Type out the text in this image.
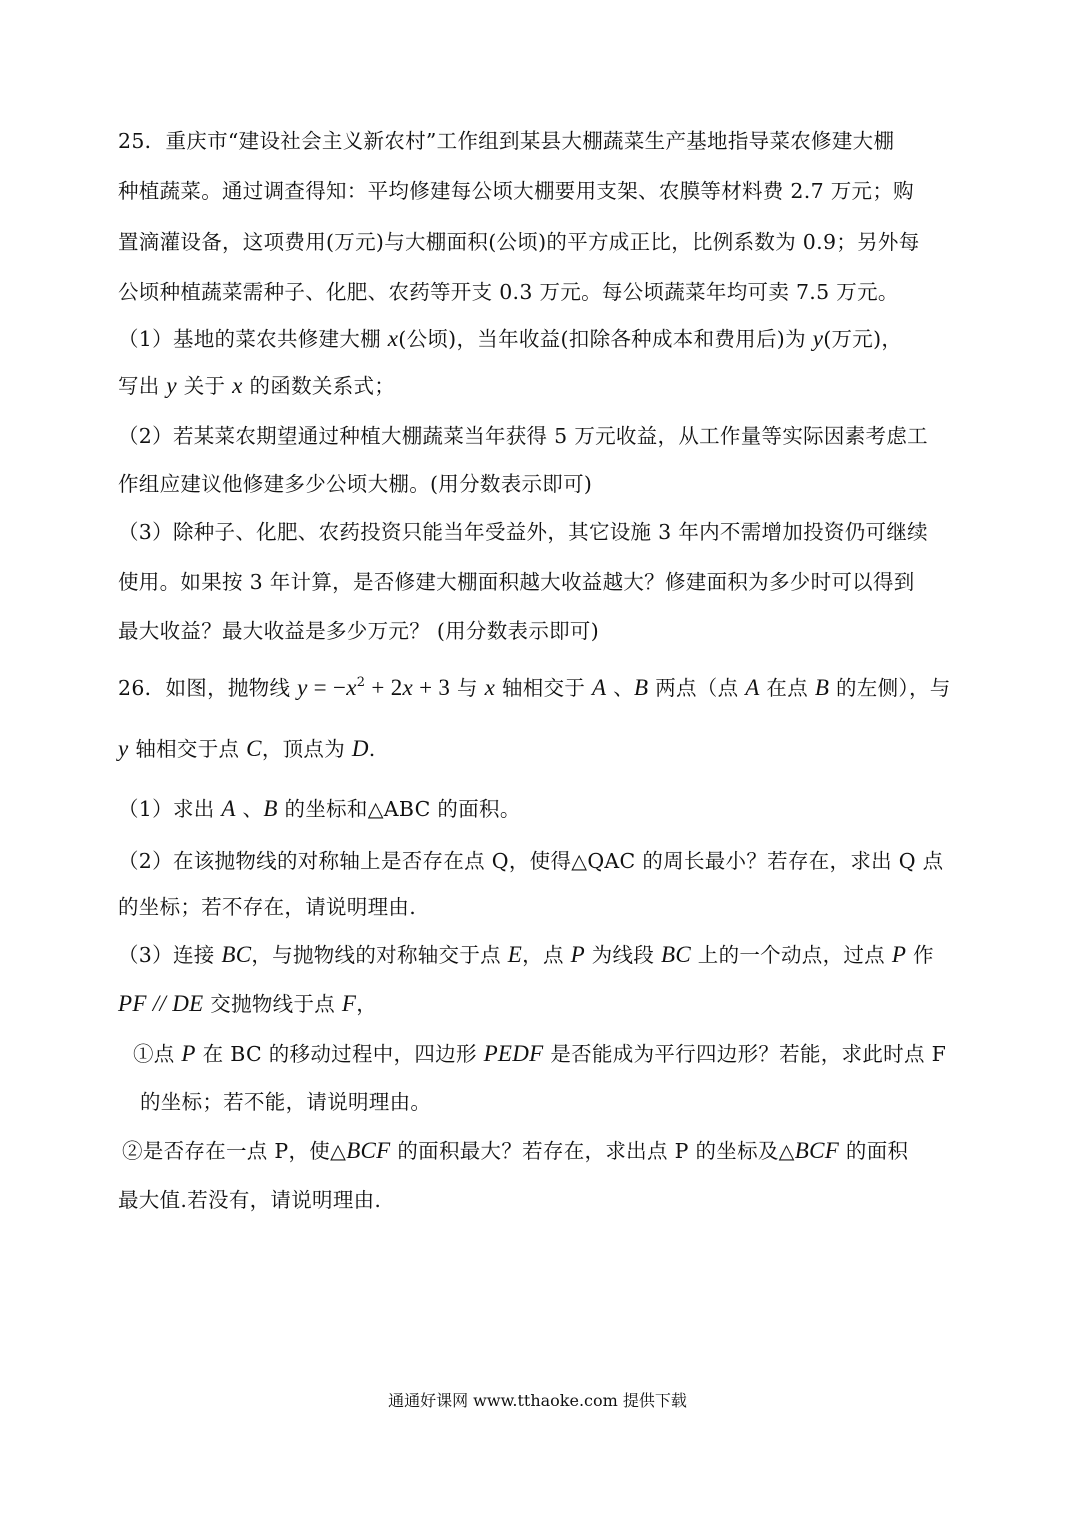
25．重庆市“建设社会主义新农村”工作组到某县大棚蔬菜生产基地指导菜农修建大棚
种植蔬菜。通过调查得知：平均修建每公顷大棚要用支架、农膜等材料费 2.7 万元；购
置滴灌设备，这项费用(万元)与大棚面积(公顷)的平方成正比，比例系数为 0.9；另外每
公顷种植蔬菜需种子、化肥、农药等开支 0.3 万元。每公顷蔬菜年均可卖 7.5 万元。
（1）基地的菜农共修建大棚 x(公顷)，当年收益(扣除各种成本和费用后)为 y(万元)，
写出 y 关于 x 的函数关系式；
（2）若某菜农期望通过种植大棚蔬菜当年获得 5 万元收益，从工作量等实际因素考虑工
作组应建议他修建多少公顷大棚。(用分数表示即可)
（3）除种子、化肥、农药投资只能当年受益外，其它设施 3 年内不需增加投资仍可继续
使用。如果按 3 年计算，是否修建大棚面积越大收益越大？修建面积为多少时可以得到
最大收益？最大收益是多少万元？ (用分数表示即可)
26．如图，抛物线 $y = -x^2 + 2x + 3$ 与 x 轴相交于 A 、B 两点（点 A 在点 B 的左侧），与
y 轴相交于点 C，顶点为 D.
（1）求出 A 、B 的坐标和△ABC 的面积。
（2）在该抛物线的对称轴上是否存在点 Q，使得△QAC 的周长最小？若存在，求出 Q 点
的坐标；若不存在，请说明理由.
（3）连接 BC，与抛物线的对称轴交于点 E，点 P 为线段 BC 上的一个动点，过点 P 作
PF // DE 交抛物线于点 F，
①点 P 在 BC 的移动过程中，四边形 PEDF 是否能成为平行四边形？若能，求此时点 F
的坐标；若不能，请说明理由。
②是否存在一点 P，使△BCF 的面积最大？若存在，求出点 P 的坐标及△BCF 的面积
最大值.若没有，请说明理由.
通通好课网 www.tthaoke.com 提供下载
